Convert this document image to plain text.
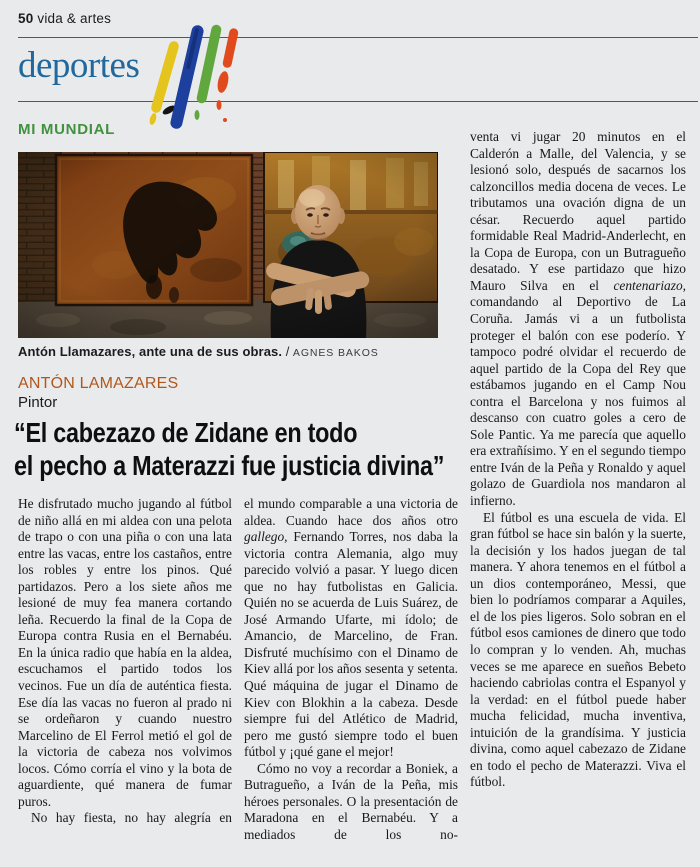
50 vida & artes
deportes
MI MUNDIAL
Antón Llamazares, ante una de sus obras. / AGNES BAKOS
ANTÓN LAMAZARES
Pintor
“El cabezazo de Zidane en todo
el pecho a Materazzi fue justicia divina”

He disfrutado mucho jugando al fútbol de niño allá en mi aldea con una pelota de trapo o con una piña o con una lata entre las vacas, entre los castaños, entre los robles y entre los pinos. Qué partidazos. Pero a los siete años me lesioné de muy fea manera cortando leña. Recuerdo la final de la Copa de Europa contra Rusia en el Bernabéu. En la única radio que había en la aldea, escuchamos el partido todos los vecinos. Fue un día de auténtica fiesta. Ese día las vacas no fueron al prado ni se ordeñaron y cuando nuestro Marcelino de El Ferrol metió el gol de la victoria de cabeza nos volvimos locos. Cómo corría el vino y la bota de aguardiente, qué manera de fumar puros.

No hay fiesta, no hay alegría en

el mundo comparable a una victoria de aldea. Cuando hace dos años otro gallego, Fernando Torres, nos daba la victoria contra Alemania, algo muy parecido volvió a pasar. Y luego dicen que no hay futbolistas en Galicia. Quién no se acuerda de Luis Suárez, de José Armando Ufarte, mi ídolo; de Amancio, de Marcelino, de Fran. Disfruté muchísimo con el Dinamo de Kiev allá por los años sesenta y setenta. Qué máquina de jugar el Dinamo de Kiev con Blokhin a la cabeza. Desde siempre fui del Atlético de Madrid, pero me gustó siempre todo el buen fútbol y ¡qué gane el mejor!

Cómo no voy a recordar a Boniek, a Butragueño, a Iván de la Peña, mis héroes personales. O la presentación de Maradona en el Bernabéu. Y a mediados de los no-

venta vi jugar 20 minutos en el Calderón a Malle, del Valencia, y se lesionó solo, después de sacarnos los calzoncillos media docena de veces. Le tributamos una ovación digna de un césar. Recuerdo aquel partido formidable Real Madrid-Anderlecht, en la Copa de Europa, con un Butragueño desatado. Y ese partidazo que hizo Mauro Silva en el centenariazo, comandando al Deportivo de La Coruña. Jamás vi a un futbolista proteger el balón con ese poderío. Y tampoco podré olvidar el recuerdo de aquel partido de la Copa del Rey que estábamos jugando en el Camp Nou contra el Barcelona y nos fuimos al descanso con cuatro goles a cero de Sole Pantic. Ya me parecía que aquello era extrañísimo. Y en el segundo tiempo entre Iván de la Peña y Ronaldo y aquel golazo de Guardiola nos mandaron al infierno.

El fútbol es una escuela de vida. El gran fútbol se hace sin balón y la suerte, la decisión y los hados juegan de tal manera. Y ahora tenemos en el fútbol a un dios contemporáneo, Messi, que bien lo podríamos comparar a Aquiles, el de los pies ligeros. Solo sobran en el fútbol esos camiones de dinero que todo lo compran y lo venden. Ah, muchas veces se me aparece en sueños Bebeto haciendo cabriolas contra el Espanyol y la verdad: en el fútbol puede haber mucha felicidad, mucha inventiva, intuición de la grandísima. Y justicia divina, como aquel cabezazo de Zidane en todo el pecho de Materazzi. Viva el fútbol.
